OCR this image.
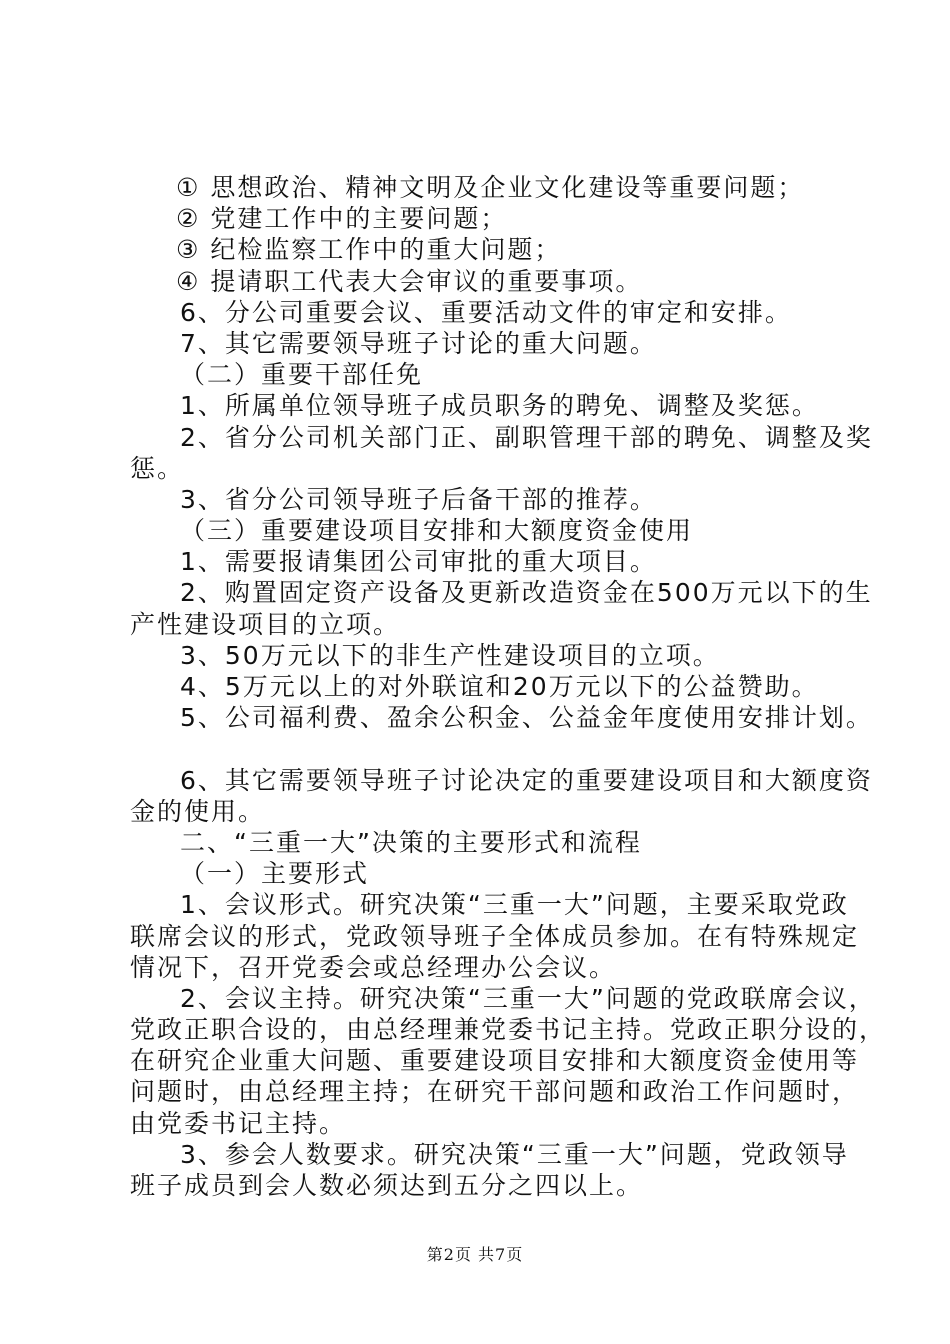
① 思想政治、精神文明及企业文化建设等重要问题；
② 党建工作中的主要问题；
③ 纪检监察工作中的重大问题；
④ 提请职工代表大会审议的重要事项。
6、分公司重要会议、重要活动文件的审定和安排。
7、其它需要领导班子讨论的重大问题。
（二）重要干部任免
1、所属单位领导班子成员职务的聘免、调整及奖惩。
2、省分公司机关部门正、副职管理干部的聘免、调整及奖
惩。
3、省分公司领导班子后备干部的推荐。
（三）重要建设项目安排和大额度资金使用
1、需要报请集团公司审批的重大项目。
2、购置固定资产设备及更新改造资金在500万元以下的生
产性建设项目的立项。
3、50万元以下的非生产性建设项目的立项。
4、5万元以上的对外联谊和20万元以下的公益赞助。
5、公司福利费、盈余公积金、公益金年度使用安排计划。
6、其它需要领导班子讨论决定的重要建设项目和大额度资
金的使用。
二、“三重一大”决策的主要形式和流程
（一）主要形式
1、会议形式。研究决策“三重一大”问题，主要采取党政
联席会议的形式，党政领导班子全体成员参加。在有特殊规定
情况下，召开党委会或总经理办公会议。
2、会议主持。研究决策“三重一大”问题的党政联席会议，
党政正职合设的，由总经理兼党委书记主持。党政正职分设的，
在研究企业重大问题、重要建设项目安排和大额度资金使用等
问题时，由总经理主持；在研究干部问题和政治工作问题时，
由党委书记主持。
3、参会人数要求。研究决策“三重一大”问题，党政领导
班子成员到会人数必须达到五分之四以上。
第2页 共7页
